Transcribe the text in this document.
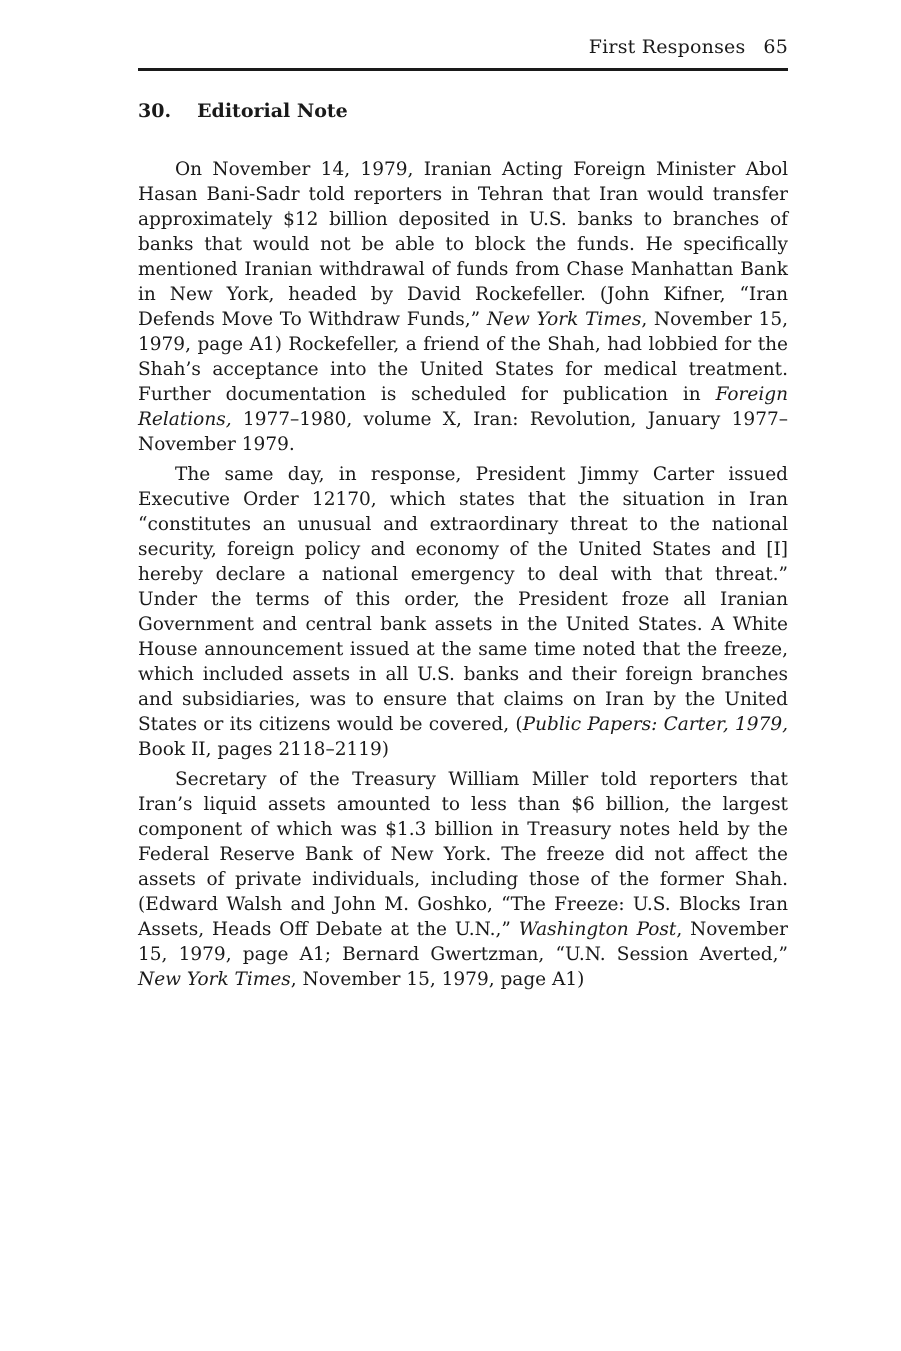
First Responses 65
30. Editorial Note

On November 14, 1979, Iranian Acting Foreign Minister Abol Hasan Bani-Sadr told reporters in Tehran that Iran would transfer approximately $12 billion deposited in U.S. banks to branches of banks that would not be able to block the funds. He specifically mentioned Iranian withdrawal of funds from Chase Manhattan Bank in New York, headed by David Rockefeller. (John Kifner, “Iran Defends Move To Withdraw Funds,” New York Times, November 15, 1979, page A1) Rockefeller, a friend of the Shah, had lobbied for the Shah’s acceptance into the United States for medical treatment. Further documentation is scheduled for publication in Foreign Relations, 1977–1980, volume X, Iran: Revolution, January 1977–November 1979.

The same day, in response, President Jimmy Carter issued Executive Order 12170, which states that the situation in Iran “constitutes an unusual and extraordinary threat to the national security, foreign policy and economy of the United States and [I] hereby declare a national emergency to deal with that threat.” Under the terms of this order, the President froze all Iranian Government and central bank assets in the United States. A White House announcement issued at the same time noted that the freeze, which included assets in all U.S. banks and their foreign branches and subsidiaries, was to ensure that claims on Iran by the United States or its citizens would be covered, (Public Papers: Carter, 1979, Book II, pages 2118–2119)

Secretary of the Treasury William Miller told reporters that Iran’s liquid assets amounted to less than $6 billion, the largest component of which was $1.3 billion in Treasury notes held by the Federal Reserve Bank of New York. The freeze did not affect the assets of private individuals, including those of the former Shah. (Edward Walsh and John M. Goshko, “The Freeze: U.S. Blocks Iran Assets, Heads Off Debate at the U.N.,” Washington Post, November 15, 1979, page A1; Bernard Gwertzman, “U.N. Session Averted,” New York Times, November 15, 1979, page A1)
